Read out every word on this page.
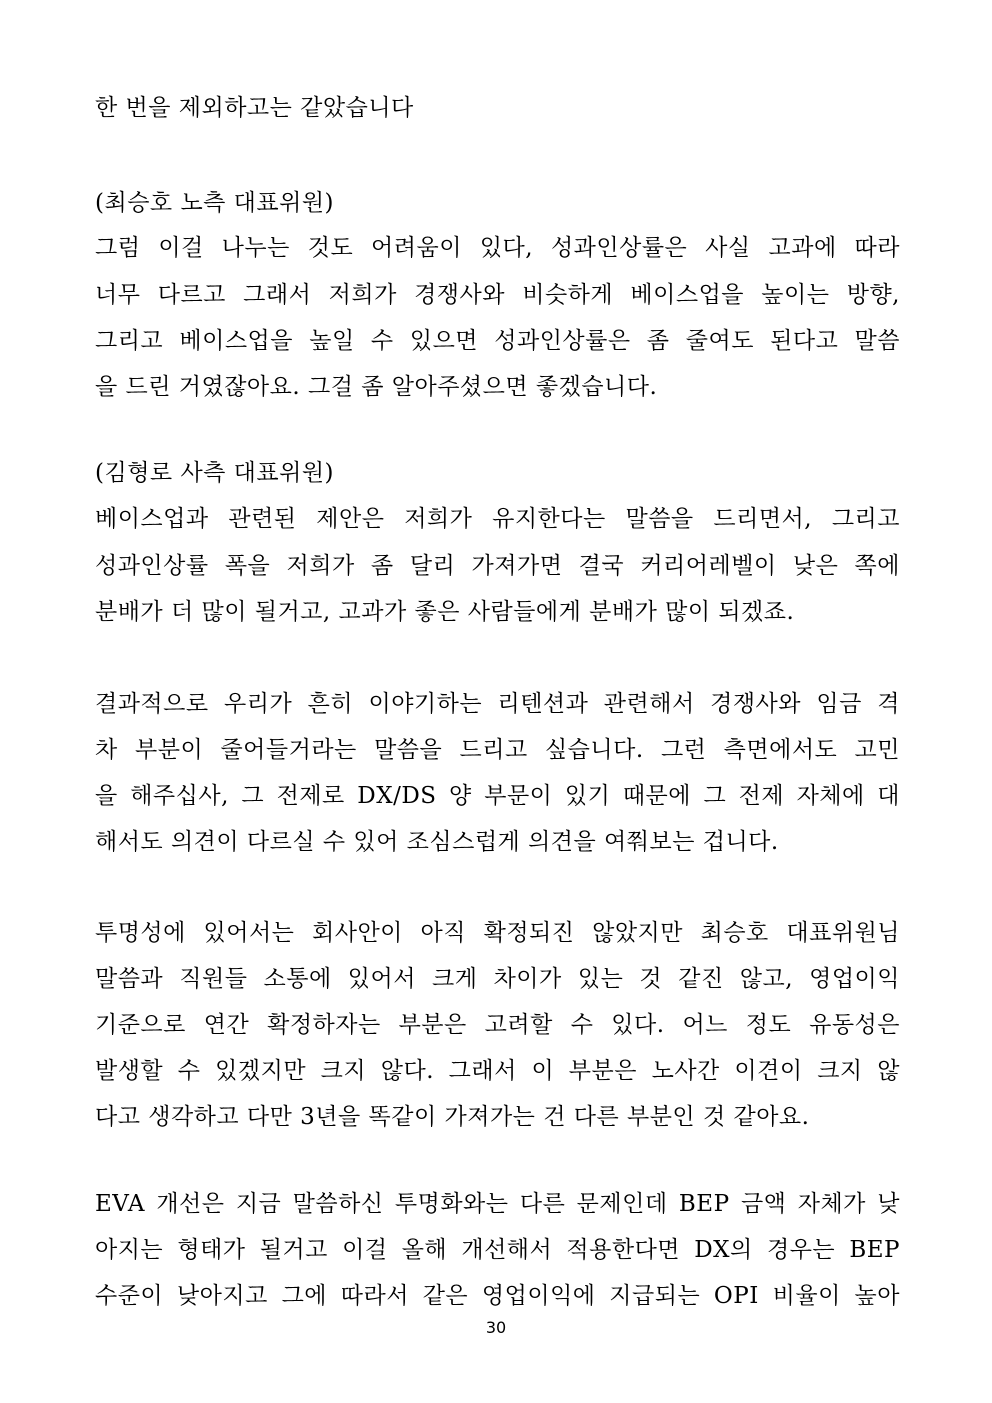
한 번을 제외하고는 같았습니다
(최승호 노측 대표위원)
그럼 이걸 나누는 것도 어려움이 있다, 성과인상률은 사실 고과에 따라
너무 다르고 그래서 저희가 경쟁사와 비슷하게 베이스업을 높이는 방향,
그리고 베이스업을 높일 수 있으면 성과인상률은 좀 줄여도 된다고 말씀
을 드린 거였잖아요. 그걸 좀 알아주셨으면 좋겠습니다.
(김형로 사측 대표위원)
베이스업과 관련된 제안은 저희가 유지한다는 말씀을 드리면서, 그리고
성과인상률 폭을 저희가 좀 달리 가져가면 결국 커리어레벨이 낮은 쪽에
분배가 더 많이 될거고, 고과가 좋은 사람들에게 분배가 많이 되겠죠.
결과적으로 우리가 흔히 이야기하는 리텐션과 관련해서 경쟁사와 임금 격
차 부분이 줄어들거라는 말씀을 드리고 싶습니다. 그런 측면에서도 고민
을 해주십사, 그 전제로 DX/DS 양 부문이 있기 때문에 그 전제 자체에 대
해서도 의견이 다르실 수 있어 조심스럽게 의견을 여쭤보는 겁니다.
투명성에 있어서는 회사안이 아직 확정되진 않았지만 최승호 대표위원님
말씀과 직원들 소통에 있어서 크게 차이가 있는 것 같진 않고, 영업이익
기준으로 연간 확정하자는 부분은 고려할 수 있다. 어느 정도 유동성은
발생할 수 있겠지만 크지 않다. 그래서 이 부분은 노사간 이견이 크지 않
다고 생각하고 다만 3년을 똑같이 가져가는 건 다른 부분인 것 같아요.
EVA 개선은 지금 말씀하신 투명화와는 다른 문제인데 BEP 금액 자체가 낮
아지는 형태가 될거고 이걸 올해 개선해서 적용한다면 DX의 경우는 BEP
수준이 낮아지고 그에 따라서 같은 영업이익에 지급되는 OPI 비율이 높아
30
